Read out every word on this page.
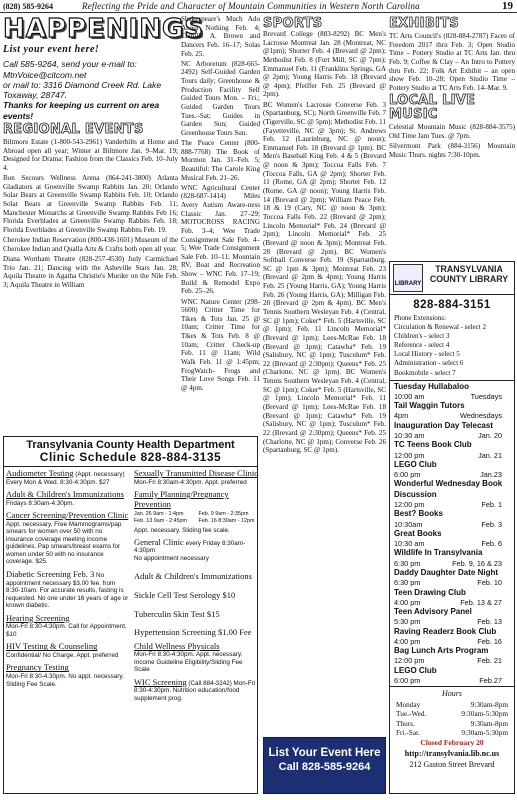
(828) 585-9264	Reflecting the Pride and Character of Mountain Communities in Western North Carolina	19
HAPPENINGS
List your event here!
Call 585-9264, send your e-mail to: MtnVoice@citcom.net
or mail to: 3316 Diamond Creek Rd. Lake Toxaway, 28747.
Thanks for keeping us current on area events!
REGIONAL EVENTS
Biltmore Estate (1-800-543-2961) Vanderbilts at Home and Abroad open all year; Winter at Biltmore Jan. 9–Mar. 19; Designed for Drama: Fashion from the Classics Feb. 10–July 4.
Bon Secours Wellness Arena (864-241-3800) Atlanta Gladiators at Greenville Swamp Rabbits Jan. 20; Orlando Solar Bears at Greenville Swamp Rabbits Feb. 10; Orlando Solar Bears at Greenville Swamp Rabbits Feb. 11; Manchester Monarchs at Greenville Swamp Rabbits Feb 16; Florida Everblades at Greenville Swamp Rabbits Feb. 18; Florida Everblades at Greenville Swamp Rabbits Feb. 19.
Cherokee Indian Reservation (800-438-1601) Museum of the Cherokee Indian and Qualla Arts & Crafts both open all year.
Diana Wortham Theatre (828-257-4530) Judy Carmichael Trio Jan. 21; Dancing with the Asheville Stars Jan. 28; Aquila Theatre in Agatha Christie's Murder on the Nile Feb. 3; Aquila Theatre in William
Shakespeare's Much Ado About Nothing Feb. 4; Camille A. Brown and Dancers Feb. 16–17; Solas Feb. 25.
NC Arboretum (828-665-2492) Self-Guided Garden Tours daily; Greenhouse & Production Facility Self Guided Tours Mon. – Fri.; Guided Garden Tours Tues.–Sat; Guides in Garden Sun; Guided Greenhouse Tours Sun.
The Peace Center (800-888-7768) The Book of Mormon Jan. 31–Feb. 5; Beautiful: The Carole King Musical Feb. 21–26.
WNC Agricultural Center (828-687-1414) Miles Avery Autism Aware-ness Classic Jan. 27–29; MOTOCROSS RACING Feb. 3–4; Wee Trade Consignment Sale Feb. 4–5; Wee Trade Consignment Sale Feb. 10–11; Mountain RV, Boat and Recreation Show – WNC Feb. 17–19; Build & Remodel Expo Feb. 25–26.
WNC Nature Center (298-5600) Critter Time for Tikes & Tots Jan. 25 @ 10am; Critter Time for Tikes & Tots Feb. 8 @ 10am; Critter Check-up Feb. 11 @ 11am; Wild Walk Feb. 11 @ 1:45pm; FrogWatch- Frogs and Their Love Songs Feb. 11 @ 4pm.
SPORTS
Brevard College (883-8292) BC Men's Lacrosse Montreat Jan. 28 (Montreat, NC @1pm); Shorter Feb. 4 (Brevard @ 2pm); Methodist Feb. 8 (Fort Mill, SC @ 7pm); Emmanuel Feb. 11 (Franklins Springs, GA @ 2pm); Young Harris Feb. 18 (Brevard @ 4pm); Pfeiffer Feb. 25 (Brevard @ 2pm).
BC Women's Lacrosse Converse Feb. 3 (Spartanburg, SC); North Greenville Feb. 7 (Tigerville, SC @ 5pm); Methodist Feb. 11 (Fayetteville, NC @ 3pm); St. Andrews Feb. 12 (Laurinburg, NC @ noon); Emmanuel Feb. 18 (Brevard @ 1pm). BC Men's Baseball King Feb. 4 & 5 (Brevard @ noon & 3pm); Toccoa Falls Feb. 7 (Toccoa Falls, GA @ 2pm); Shorter Feb. 11 (Rome, GA @ 2pm); Shorter Feb. 12 (Rome, GA @ noon); Young Harris Feb. 14 (Brevard @ 2pm); William Peace Feb. 18 & 19 (Cary, NC @ noon & 3pm); Toccoa Falls Feb. 22 (Brevard @ 2pm); Lincoln Memorial* Feb. 24 (Brevard @ 2pm); Lincoln Memorial* Feb. 25 (Brevard @ noon & 3pm); Montreat Feb. 28 (Brevard @ 2pm). BC Women's Softball Converse Feb. 19 (Spartanburg, SC @ 1pm & 3pm); Montreat Feb. 23 (Brevard @ 2pm & 4pm); Young Harris Feb. 25 (Young Harris, GA); Young Harris Feb. 26 (Young Harris, GA); Milligan Feb. 28 (Brevard @ 2pm & 4pm). BC Men's Tennis Southern Wesleyan Feb. 4 (Central, SC @ 1pm); Coker* Feb. 5 (Hartsville, SC @ 1pm); Feb. 11 Lincoln Memorial* (Brevard @ 1pm); Lees-McRae Feb. 18 (Brevard @ 1pm); Catawba* Feb. 19 (Salisbury, NC @ 1pm); Tusculum* Feb. 22 (Brevard @ 2:30pm); Queens* Feb. 25 (Charlotte, NC @ 1pm). BC Women's Tennis Southern Wesleyan Feb. 4 (Central, SC @ 1pm); Coker* Feb. 5 (Hartsville, SC @ 1pm); Lincoln Memorial* Feb. 11 (Brevard @ 1pm); Lees-McRae Feb. 18 (Brevard @ 1pm); Catawba* Feb. 19 (Salisbury, NC @ 1pm); Tusculum* Feb. 22 (Brevard @ 2:30pm); Queens* Feb. 25 (Charlotte, NC @ 1pm); Converse Feb. 26 (Spartanburg, SC @ 1pm).
EXHIBITS
TC Arts Council's (828-884-2787) Faces of Freedom 2017 thru Feb. 3; Open Studio Time – Pottery Studio at TC Arts Jan. thru Feb. 9; Coffee & Clay – An Intro to Pottery thru Feb. 22; Folk Art Exhibit – an open show Feb. 10–28; Open Studio Time – Pottery Studio at TC Arts Feb. 14–Mar. 9.
LOCAL LIVE MUSIC
Celestial Mountain Music (828-884-3575) Old Time Jam Tues. @ 7pm.
Silvermont Park (884-3156) Mountain Music Thurs. nights 7:30-10pm.
Transylvania County Health Department
Clinic Schedule 828-884-3135
Audiometer Testing (Appt. necessary)
Every Mon & Wed. 8:30-4:30pm. $27
Adult & Children's Immunizations
Fridays 8:30am-4:30pm.
Cancer Screening/Prevention Clinic
Appt. necessary. Free Mammograms/pap smears for women over 50 with no insurance coverage meeting income guidelines. Pap smears/breast exams for women under 50 with no insurance coverage. $25.
Diabetic Screening Feb. 3 No appointment necessary $3.00 fee. from 8:30-10am. For accurate results, fasting is requested. No one under 16 years of age or known diabetic.
Hearing Screening
Mon-Fri 8:30-4:30pm. Call for Appointment. $10
HIV Testing & Counseling
Confidential/ No Charge. Appt. preferred
Pregnancy Testing
Mon-Fri 8:30-4:30pm. No appt. necessary, Sliding Fee Scale.
Sexually Transmitted Disease Clinic
Mon-Fri 8:30am-4:30pm. Appt. preferred
Family Planning/Pregnancy Prevention
Jan. 26 9am - 1:4pm	Feb. 9 9am - 2:35pm
Feb. 13 9am - 2:45pm	Feb. 16 8:30am - 12pm
Appt. necessary. Sliding fee scale.
General Clinic every Friday 8:30am-4:30pm
No appointment necessary
Adult & Children's Immunizations
Sickle Cell Test Serology $10
Tuberculin Skin Test $15
Hypertension Screening $1.00 Fee
Child Wellness Physicals
Mon-Fri 8:30-4:30pm. Appt. necessary. Income Guideline Eligibility/Sliding Fee Scale
WIC Screening (Call 884-3242) Mon-Fri 8:30-4:30pm. Nutrition education/food supplement prog.
List Your Event Here
Call 828-585-9264
LIBRARY
TRANSYLVANIA COUNTY LIBRARY
828-884-3151
Phone Extensions:
Circulation & Renewal - select 2
Children's - select 3
Reference - select 4
Local History - select 5
Administration - select 6
Bookmobile - select 7
Tuesday Hullabaloo
10:00 am	Tuesdays
Tail Waggin Tutors
4pm	Wednesdays
Inauguration Day Telecast
10:30 am	Jan. 20
TC Teens Book Club
12:00 pm	Jan. 21
LEGO Club
6:00 pm	Jan.23
Wonderful Wednesday Book Discussion
12:00 pm	Feb. 1
Best? Books
10:30am	Feb. 3
Great Books
10:30 am	Feb. 6
Wildlife In Transylvania
6:30 pm	Feb. 9, 16 & 23
Daddy Daughter Date Night
6:30 pm	Feb. 10
Teen Drawing Club
4:00 pm	Feb. 13 & 27
Teen Advisory Panel
5:30 pm	Feb. 13
Raving Readerz Book Club
4:00 pm	Feb. 16
Bag Lunch Arts Program
12:00 pm	Feb. 21
LEGO Club
6:00 pm	Feb.27
Hours
Monday	9:30am-8pm
Tue.-Wed.	9:30am-5:30pm
Thurs.	9:30am-8pm
Fri.-Sat.	9:30am-5:30pm
Closed February 20
http://transylvania.lib.nc.us
212 Gaston Street Brevard
